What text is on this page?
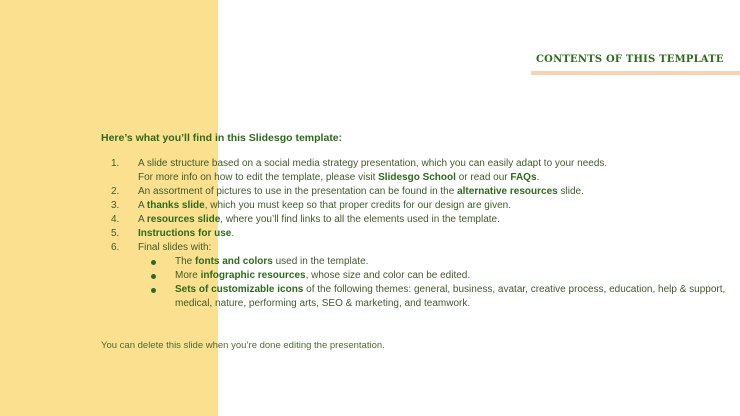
CONTENTS OF THIS TEMPLATE
Here’s what you’ll find in this Slidesgo template:
1. A slide structure based on a social media strategy presentation, which you can easily adapt to your needs.
For more info on how to edit the template, please visit Slidesgo School or read our FAQs.
2. An assortment of pictures to use in the presentation can be found in the alternative resources slide.
3. A thanks slide, which you must keep so that proper credits for our design are given.
4. A resources slide, where you’ll find links to all the elements used in the template.
5. Instructions for use.
6. Final slides with:
The fonts and colors used in the template.
More infographic resources, whose size and color can be edited.
Sets of customizable icons of the following themes: general, business, avatar, creative process, education, help & support, medical, nature, performing arts, SEO & marketing, and teamwork.
You can delete this slide when you’re done editing the presentation.
